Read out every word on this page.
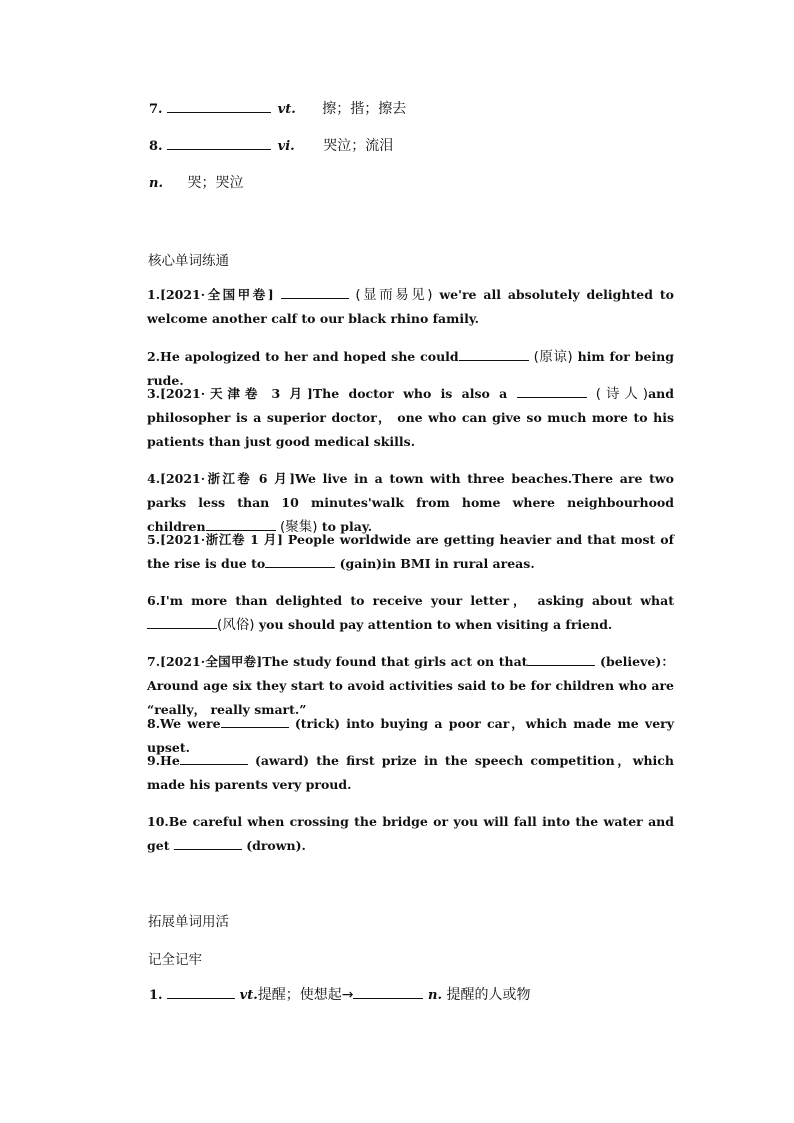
7.	vt. 擦；揩；擦去
8.	vi. 哭泣；流泪
n. 哭；哭泣
核心单词练通
1.[2021·全国甲卷]	(显而易见) we're all absolutely delighted to welcome another calf to our black rhino family.
2.He apologized to her and hoped she could	(原谅) him for being rude.
3.[2021·天津卷 3 月]The doctor who is also a	(诗人)and philosopher is a superior doctor， one who can give so much more to his patients than just good medical skills.
4.[2021·浙江卷 6 月]We live in a town with three beaches.There are two parks less than 10 minutes'walk from home where neighbourhood children	(聚集) to play.
5.[2021·浙江卷 1 月] People worldwide are getting heavier and that most of the rise is due to	(gain)in BMI in rural areas.
6.I'm more than delighted to receive your letter， asking about what(风俗) you should pay attention to when visiting a friend.
7.[2021·全国甲卷]The study found that girls act on that	(believe)：Around age six they start to avoid activities said to be for children who are “really， really smart.”
8.We were	(trick) into buying a poor car，which made me very upset.
9.He	(award) the first prize in the speech competition，which made his parents very proud.
10.Be careful when crossing the bridge or you will fall into the water and get	(drown).
拓展单词用活
记全记牢
1.	vt.提醒；使想起→	n. 提醒的人或物
